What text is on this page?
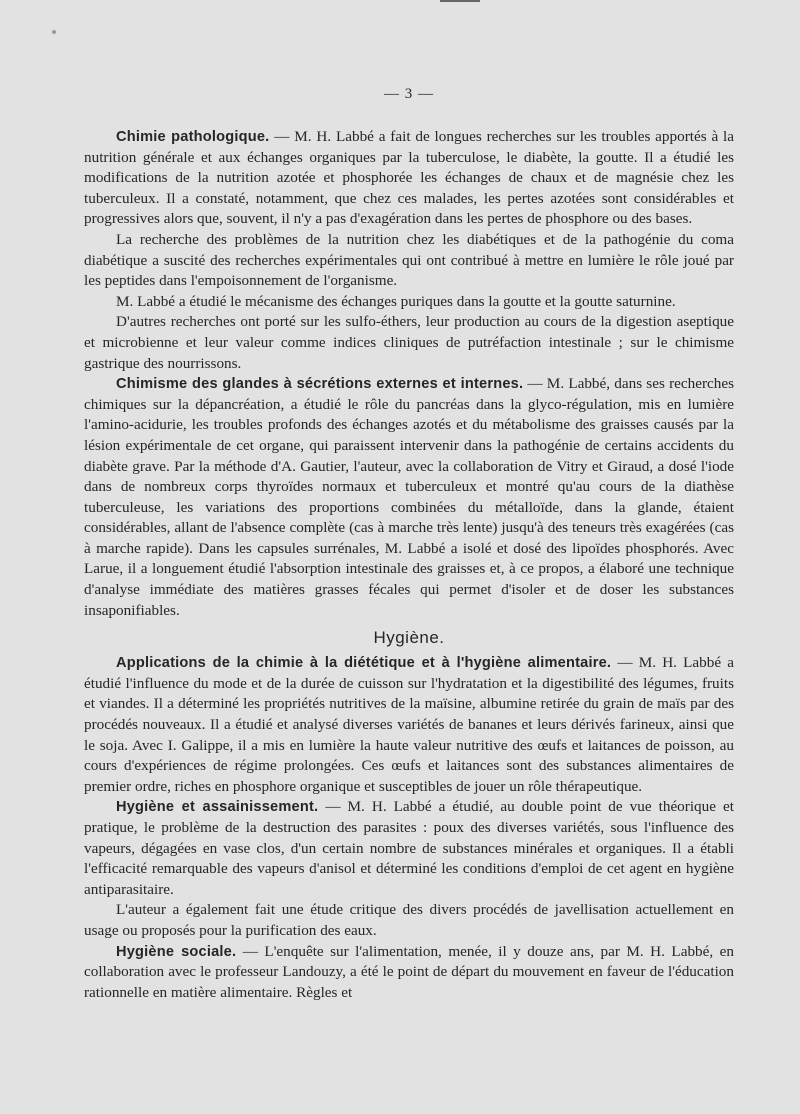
— 3 —

Chimie pathologique. — M. H. Labbé a fait de longues recherches sur les troubles apportés à la nutrition générale et aux échanges organiques par la tuberculose, le diabète, la goutte. Il a étudié les modifications de la nutrition azotée et phosphorée les échanges de chaux et de magnésie chez les tuberculeux. Il a constaté, notamment, que chez ces malades, les pertes azotées sont considérables et progressives alors que, souvent, il n'y a pas d'exagération dans les pertes de phosphore ou des bases.

La recherche des problèmes de la nutrition chez les diabétiques et de la pathogénie du coma diabétique a suscité des recherches expérimentales qui ont contribué à mettre en lumière le rôle joué par les peptides dans l'empoisonnement de l'organisme.

M. Labbé a étudié le mécanisme des échanges puriques dans la goutte et la goutte saturnine.

D'autres recherches ont porté sur les sulfo-éthers, leur production au cours de la digestion aseptique et microbienne et leur valeur comme indices cliniques de putréfaction intestinale ; sur le chimisme gastrique des nourrissons.

Chimisme des glandes à sécrétions externes et internes. — M. Labbé, dans ses recherches chimiques sur la dépancréation, a étudié le rôle du pancréas dans la glyco-régulation, mis en lumière l'amino-acidurie, les troubles profonds des échanges azotés et du métabolisme des graisses causés par la lésion expérimentale de cet organe, qui paraissent intervenir dans la pathogénie de certains accidents du diabète grave. Par la méthode d'A. Gautier, l'auteur, avec la collaboration de Vitry et Giraud, a dosé l'iode dans de nombreux corps thyroïdes normaux et tuberculeux et montré qu'au cours de la diathèse tuberculeuse, les variations des proportions combinées du métalloïde, dans la glande, étaient considérables, allant de l'absence complète (cas à marche très lente) jusqu'à des teneurs très exagérées (cas à marche rapide). Dans les capsules surrénales, M. Labbé a isolé et dosé des lipoïdes phosphorés. Avec Larue, il a longuement étudié l'absorption intestinale des graisses et, à ce propos, a élaboré une technique d'analyse immédiate des matières grasses fécales qui permet d'isoler et de doser les substances insaponifiables.

Hygiène.

Applications de la chimie à la diététique et à l'hygiène alimentaire. — M. H. Labbé a étudié l'influence du mode et de la durée de cuisson sur l'hydratation et la digestibilité des légumes, fruits et viandes. Il a déterminé les propriétés nutritives de la maïsine, albumine retirée du grain de maïs par des procédés nouveaux. Il a étudié et analysé diverses variétés de bananes et leurs dérivés farineux, ainsi que le soja. Avec I. Galippe, il a mis en lumière la haute valeur nutritive des œufs et laitances de poisson, au cours d'expériences de régime prolongées. Ces œufs et laitances sont des substances alimentaires de premier ordre, riches en phosphore organique et susceptibles de jouer un rôle thérapeutique.

Hygiène et assainissement. — M. H. Labbé a étudié, au double point de vue théorique et pratique, le problème de la destruction des parasites : poux des diverses variétés, sous l'influence des vapeurs, dégagées en vase clos, d'un certain nombre de substances minérales et organiques. Il a établi l'efficacité remarquable des vapeurs d'anisol et déterminé les conditions d'emploi de cet agent en hygiène antiparasitaire.

L'auteur a également fait une étude critique des divers procédés de javellisation actuellement en usage ou proposés pour la purification des eaux.

Hygiène sociale. — L'enquête sur l'alimentation, menée, il y douze ans, par M. H. Labbé, en collaboration avec le professeur Landouzy, a été le point de départ du mouvement en faveur de l'éducation rationnelle en matière alimentaire. Règles et
